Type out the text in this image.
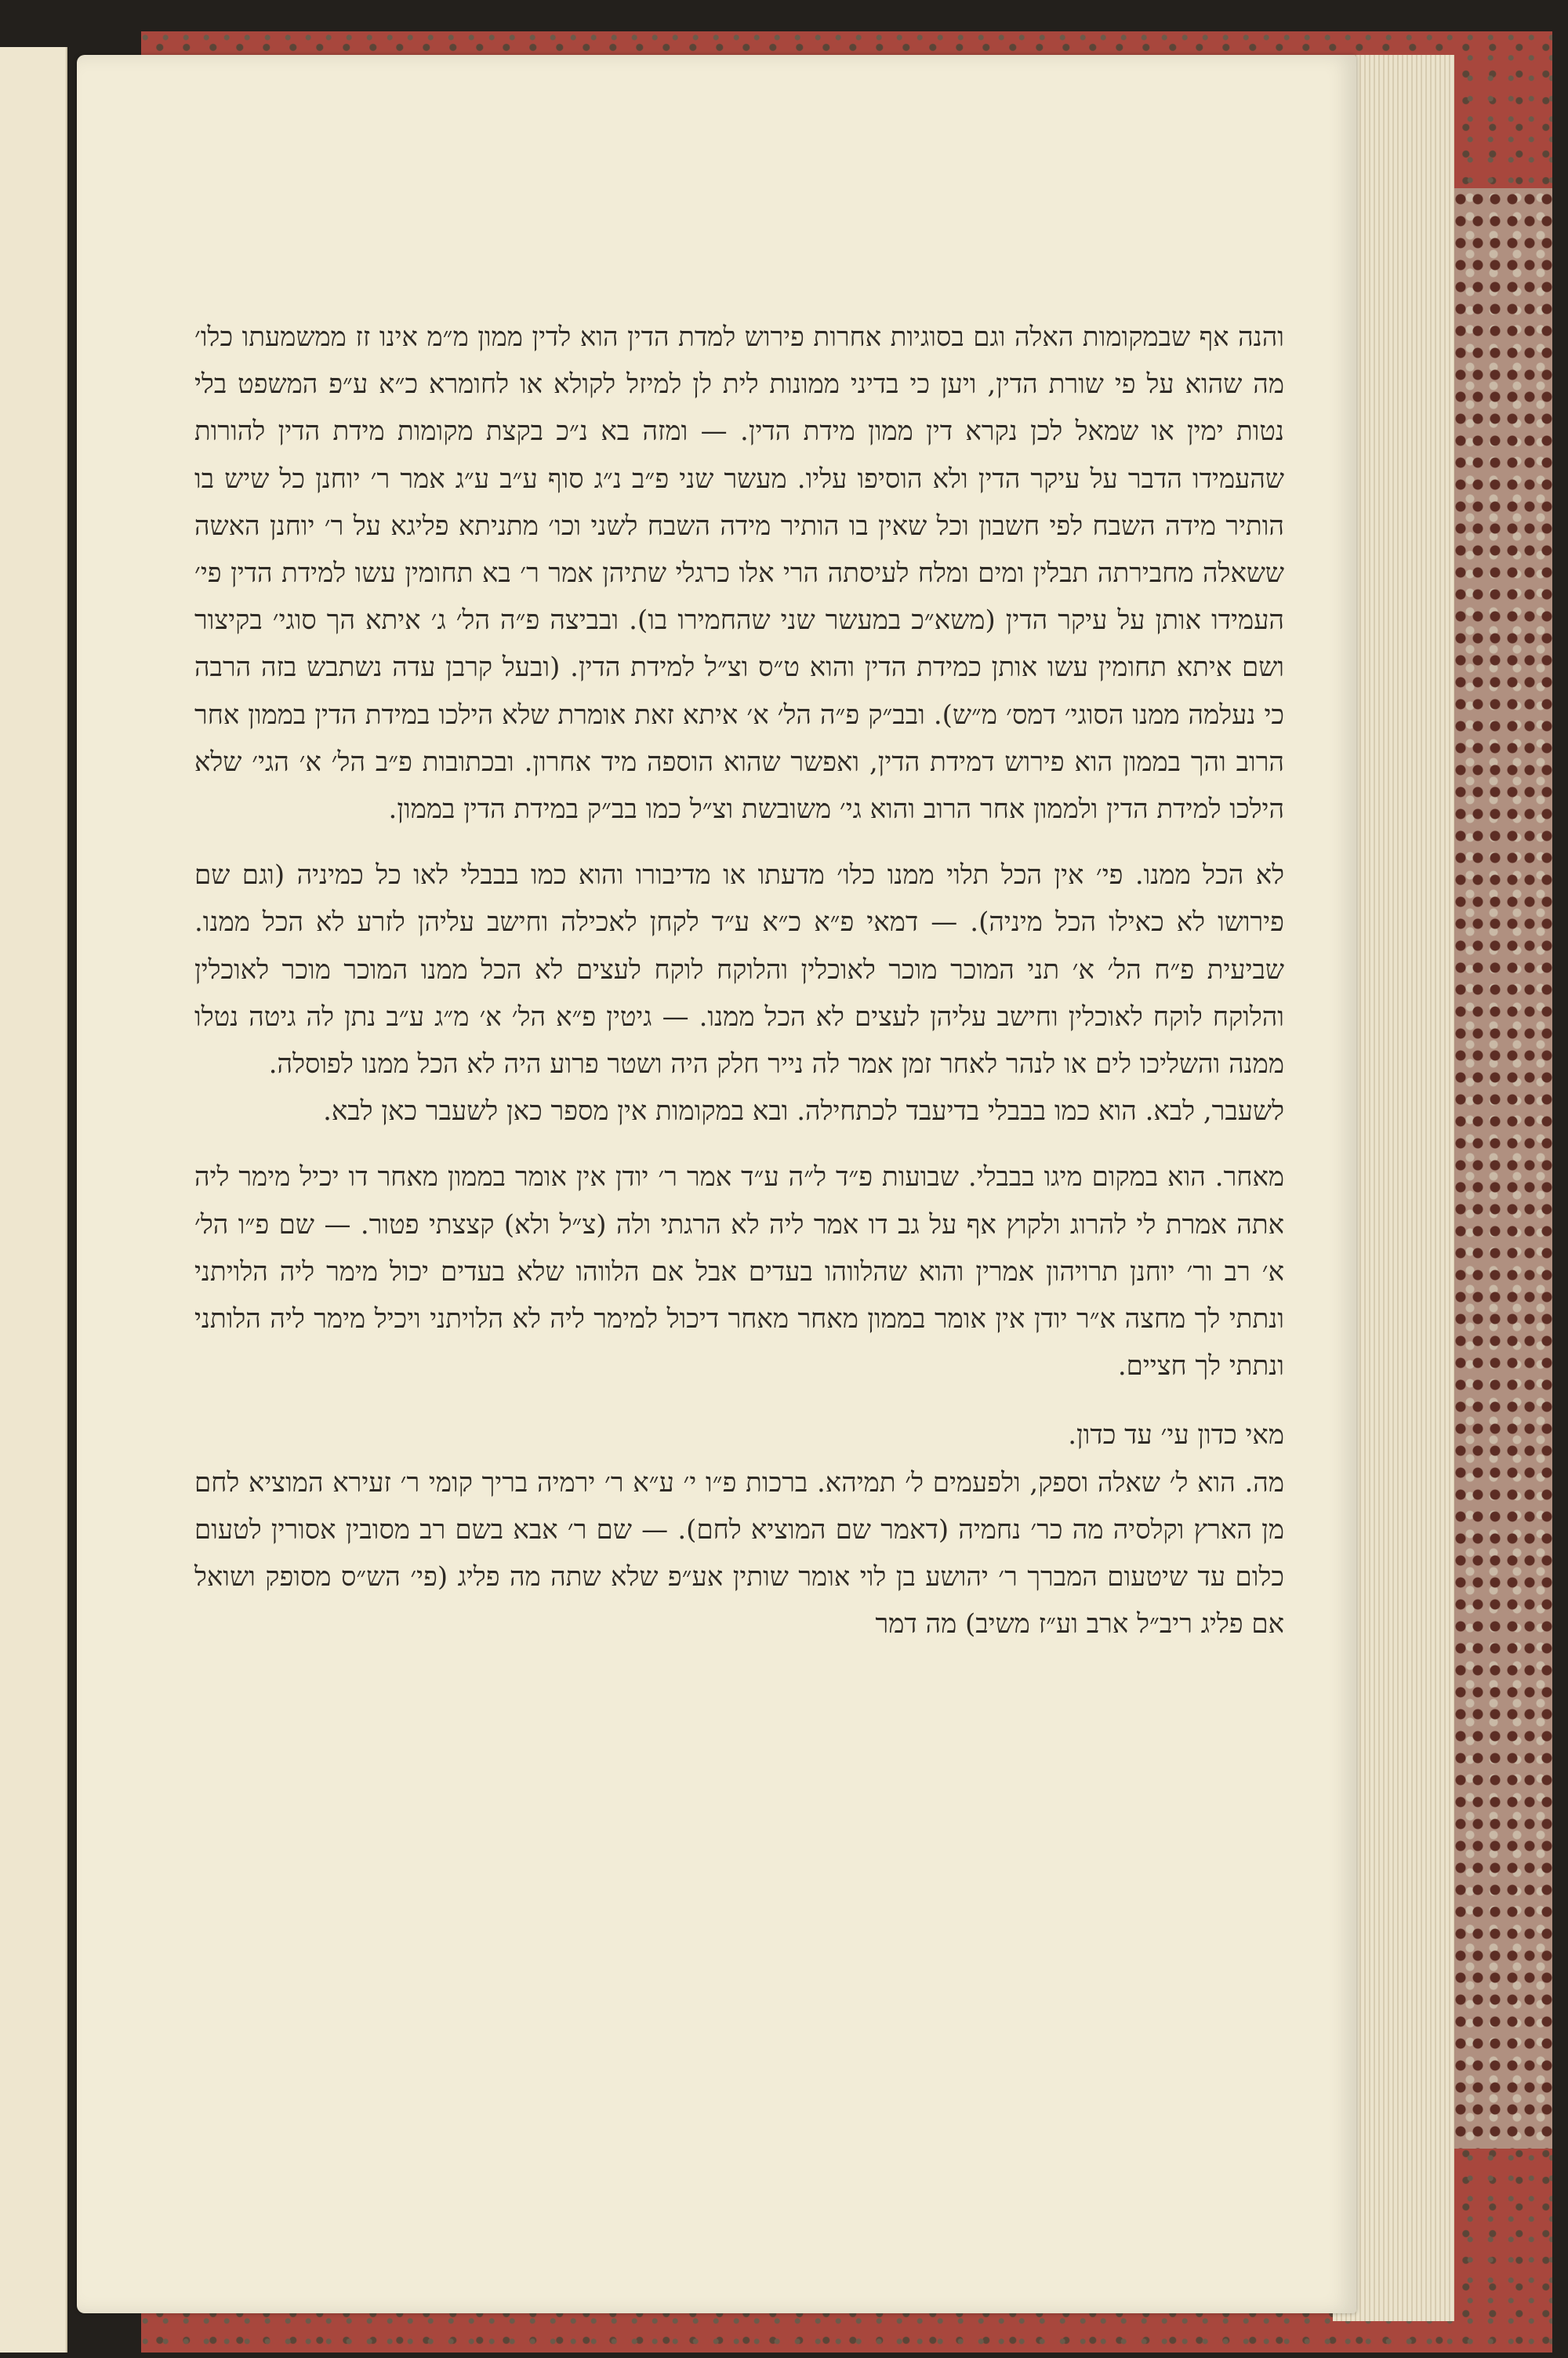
והנה אף שבמקומות האלה וגם בסוגיות אחרות פירוש למדת הדין הוא לדין ממון מ״מ אינו זז ממשמעתו כלו׳ מה שהוא על פי שורת הדין, ויען כי בדיני ממונות לית לן למיזל לקולא או לחומרא כ״א ע״פ המשפט בלי נטות ימין או שמאל לכן נקרא דין ממון מידת הדין. — ומזה בא נ״כ בקצת מקומות מידת הדין להורות שהעמידו הדבר על עיקר הדין ולא הוסיפו עליו. מעשר שני פ״ב נ״ג סוף ע״ב ע״ג אמר ר׳ יוחנן כל שיש בו הותיר מידה השבח לפי חשבון וכל שאין בו הותיר מידה השבח לשני וכו׳ מתניתא פליגא על ר׳ יוחנן האשה ששאלה מחבירתה תבלין ומים ומלח לעיסתה הרי אלו כרגלי שתיהן אמר ר׳ בא תחומין עשו למידת הדין פי׳ העמידו אותן על עיקר הדין (משא״כ במעשר שני שהחמירו בו). ובביצה פ״ה הל׳ ג׳ איתא הך סוגי׳ בקיצור ושם איתא תחומין עשו אותן כמידת הדין והוא ט״ס וצ״ל למידת הדין. (ובעל קרבן עדה נשתבש בזה הרבה כי נעלמה ממנו הסוגי׳ דמס׳ מ״ש). ובב״ק פ״ה הל׳ א׳ איתא זאת אומרת שלא הילכו במידת הדין בממון אחר הרוב והך בממון הוא פירוש דמידת הדין, ואפשר שהוא הוספה מיד אחרון. ובכתובות פ״ב הל׳ א׳ הגי׳ שלא הילכו למידת הדין ולממון אחר הרוב והוא גי׳ משובשת וצ״ל כמו בב״ק במידת הדין בממון.

לא הכל ממנו. פי׳ אין הכל תלוי ממנו כלו׳ מדעתו או מדיבורו והוא כמו בבבלי לאו כל כמיניה (וגם שם פירושו לא כאילו הכל מיניה). — דמאי פ״א כ״א ע״ד לקחן לאכילה וחישב עליהן לזרע לא הכל ממנו. שביעית פ״ח הל׳ א׳ תני המוכר מוכר לאוכלין והלוקח לוקח לעצים לא הכל ממנו המוכר מוכר לאוכלין והלוקח לוקח לאוכלין וחישב עליהן לעצים לא הכל ממנו. — גיטין פ״א הל׳ א׳ מ״ג ע״ב נתן לה גיטה נטלו ממנה והשליכו לים או לנהר לאחר זמן אמר לה נייר חלק היה ושטר פרוע היה לא הכל ממנו לפוסלה.

לשעבר, לבא. הוא כמו בבבלי בדיעבד לכתחילה. ובא במקומות אין מספר כאן לשעבר כאן לבא.

מאחר. הוא במקום מיגו בבבלי. שבועות פ״ד ל״ה ע״ד אמר ר׳ יודן אין אומר בממון מאחר דו יכיל מימר ליה אתה אמרת לי להרוג ולקוץ אף על גב דו אמר ליה לא הרגתי ולה (צ״ל ולא) קצצתי פטור. — שם פ״ו הל׳ א׳ רב ור׳ יוחנן תרויהון אמרין והוא שהלווהו בעדים אבל אם הלווהו שלא בעדים יכול מימר ליה הלויתני ונתתי לך מחצה א״ר יודן אין אומר בממון מאחר מאחר דיכול למימר ליה לא הלויתני ויכיל מימר ליה הלותני ונתתי לך חציים.

מאי כדון עי׳ עד כדון.

מה. הוא ל׳ שאלה וספק, ולפעמים ל׳ תמיהא. ברכות פ״ו י׳ ע״א ר׳ ירמיה בריך קומי ר׳ זעירא המוציא לחם מן הארץ וקלסיה מה כר׳ נחמיה (דאמר שם המוציא לחם). — שם ר׳ אבא בשם רב מסובין אסורין לטעום כלום עד שיטעום המברך ר׳ יהושע בן לוי אומר שותין אע״פ שלא שתה מה פליג (פי׳ הש״ס מסופק ושואל אם פליג ריב״ל ארב וע״ז משיב) מה דמר
